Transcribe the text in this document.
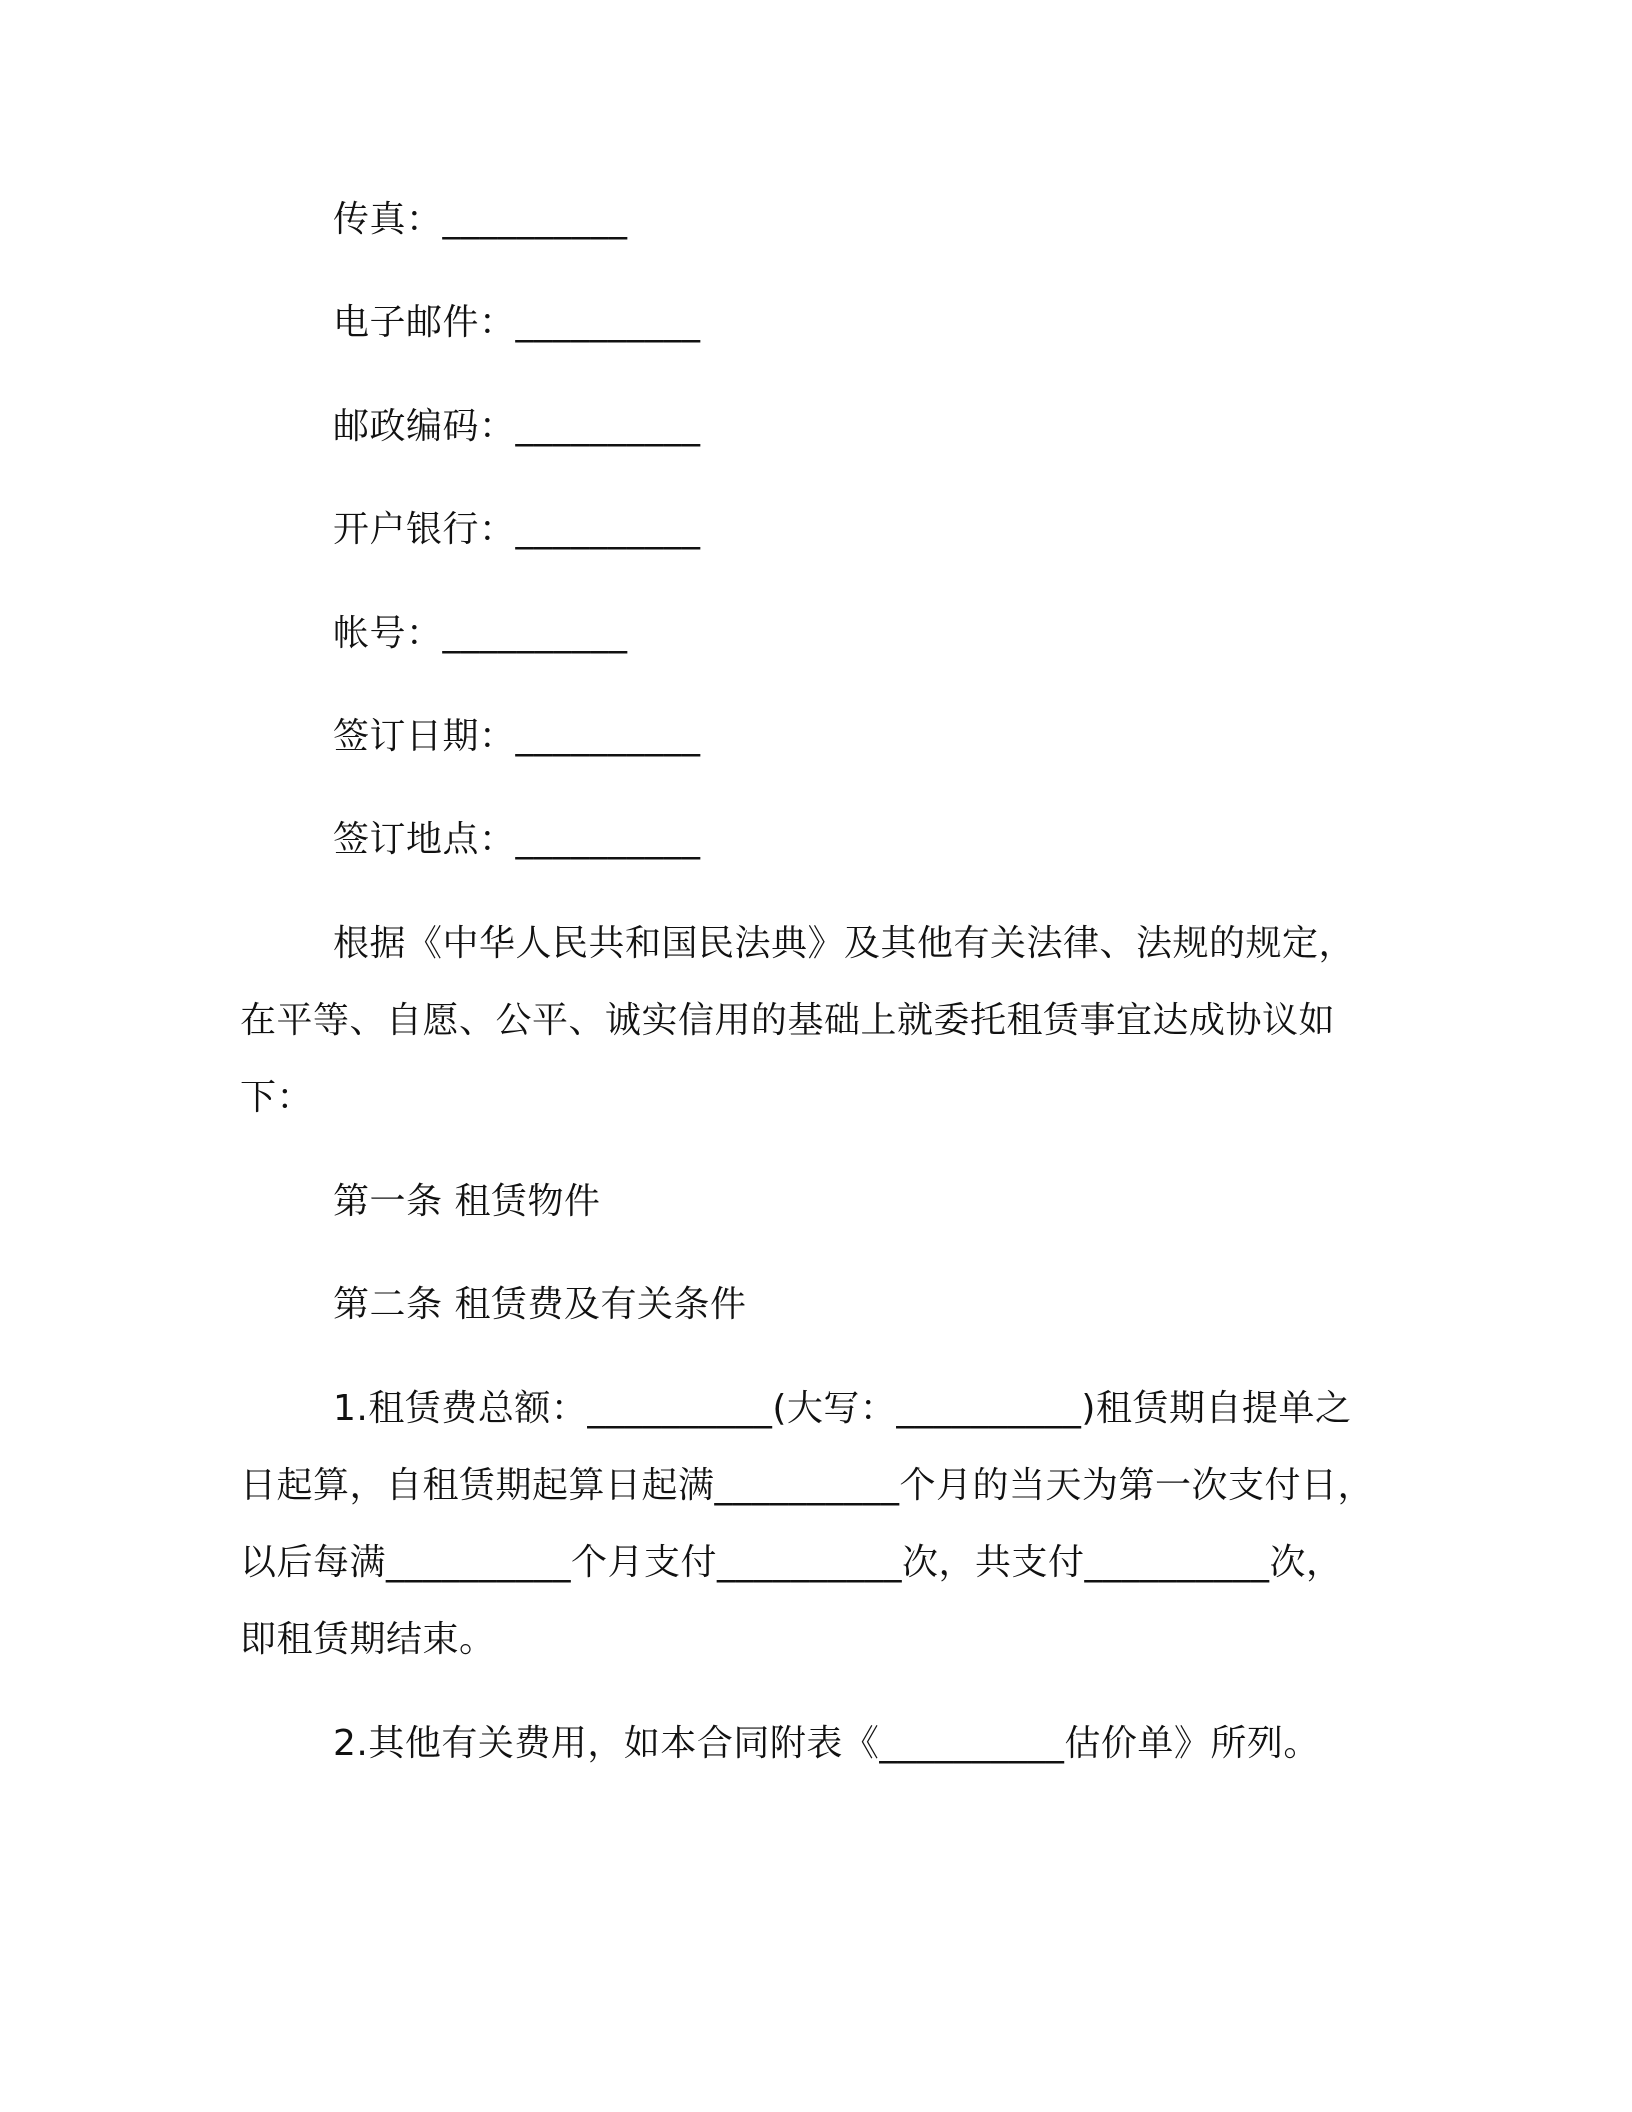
传真：__________
电子邮件：__________
邮政编码：__________
开户银行：__________
帐号：__________
签订日期：__________
签订地点：__________
根据《中华人民共和国民法典》及其他有关法律、法规的规定，
在平等、自愿、公平、诚实信用的基础上就委托租赁事宜达成协议如
下：
第一条 租赁物件
第二条 租赁费及有关条件
1.租赁费总额：__________(大写：__________)租赁期自提单之
日起算，自租赁期起算日起满__________个月的当天为第一次支付日，
以后每满__________个月支付__________次，共支付__________次，
即租赁期结束。
2.其他有关费用，如本合同附表《__________估价单》所列。
